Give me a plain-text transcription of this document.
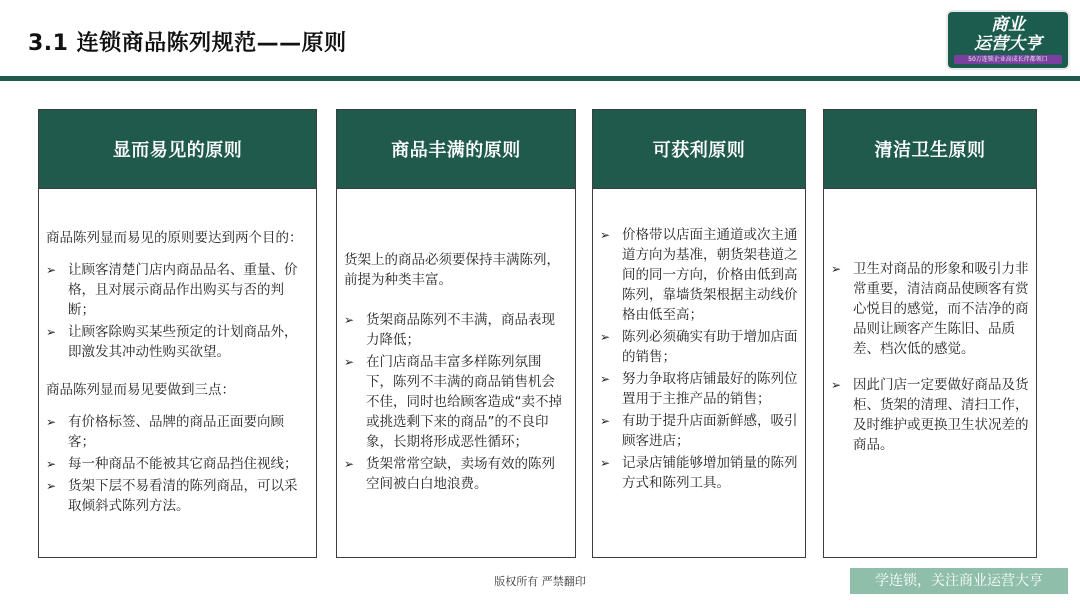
3.1 连锁商品陈列规范——原则
商业
运营大亨
50万连锁企业高成长伴都领口
显而易见的原则

商品陈列显而易见的原则要达到两个目的：

➢ 让顾客清楚门店内商品品名、重量、价格，且对展示商品作出购买与否的判断；
➢ 让顾客除购买某些预定的计划商品外，即激发其冲动性购买欲望。

商品陈列显而易见要做到三点：

➢ 有价格标签、品牌的商品正面要向顾客；
➢ 每一种商品不能被其它商品挡住视线；
➢ 货架下层不易看清的陈列商品，可以采取倾斜式陈列方法。
商品丰满的原则

货架上的商品必须要保持丰满陈列，前提为种类丰富。

➢ 货架商品陈列不丰满，商品表现力降低；
➢ 在门店商品丰富多样陈列氛围下，陈列不丰满的商品销售机会不佳，同时也给顾客造成“卖不掉或挑选剩下来的商品”的不良印象，长期将形成恶性循环；
➢ 货架常常空缺，卖场有效的陈列空间被白白地浪费。
可获利原则
➢ 价格带以店面主通道或次主通道方向为基准，朝货架巷道之间的同一方向，价格由低到高陈列，靠墙货架根据主动线价格由低至高；
➢ 陈列必须确实有助于增加店面的销售；
➢ 努力争取将店铺最好的陈列位置用于主推产品的销售；
➢ 有助于提升店面新鲜感，吸引顾客进店；
➢ 记录店铺能够增加销量的陈列方式和陈列工具。
清洁卫生原则
➢ 卫生对商品的形象和吸引力非常重要，清洁商品使顾客有赏心悦目的感觉，而不洁净的商品则让顾客产生陈旧、品质差、档次低的感觉。
➢ 因此门店一定要做好商品及货柜、货架的清理、清扫工作，及时维护或更换卫生状况差的商品。
版权所有 严禁翻印	学连锁，关注商业运营大亨
